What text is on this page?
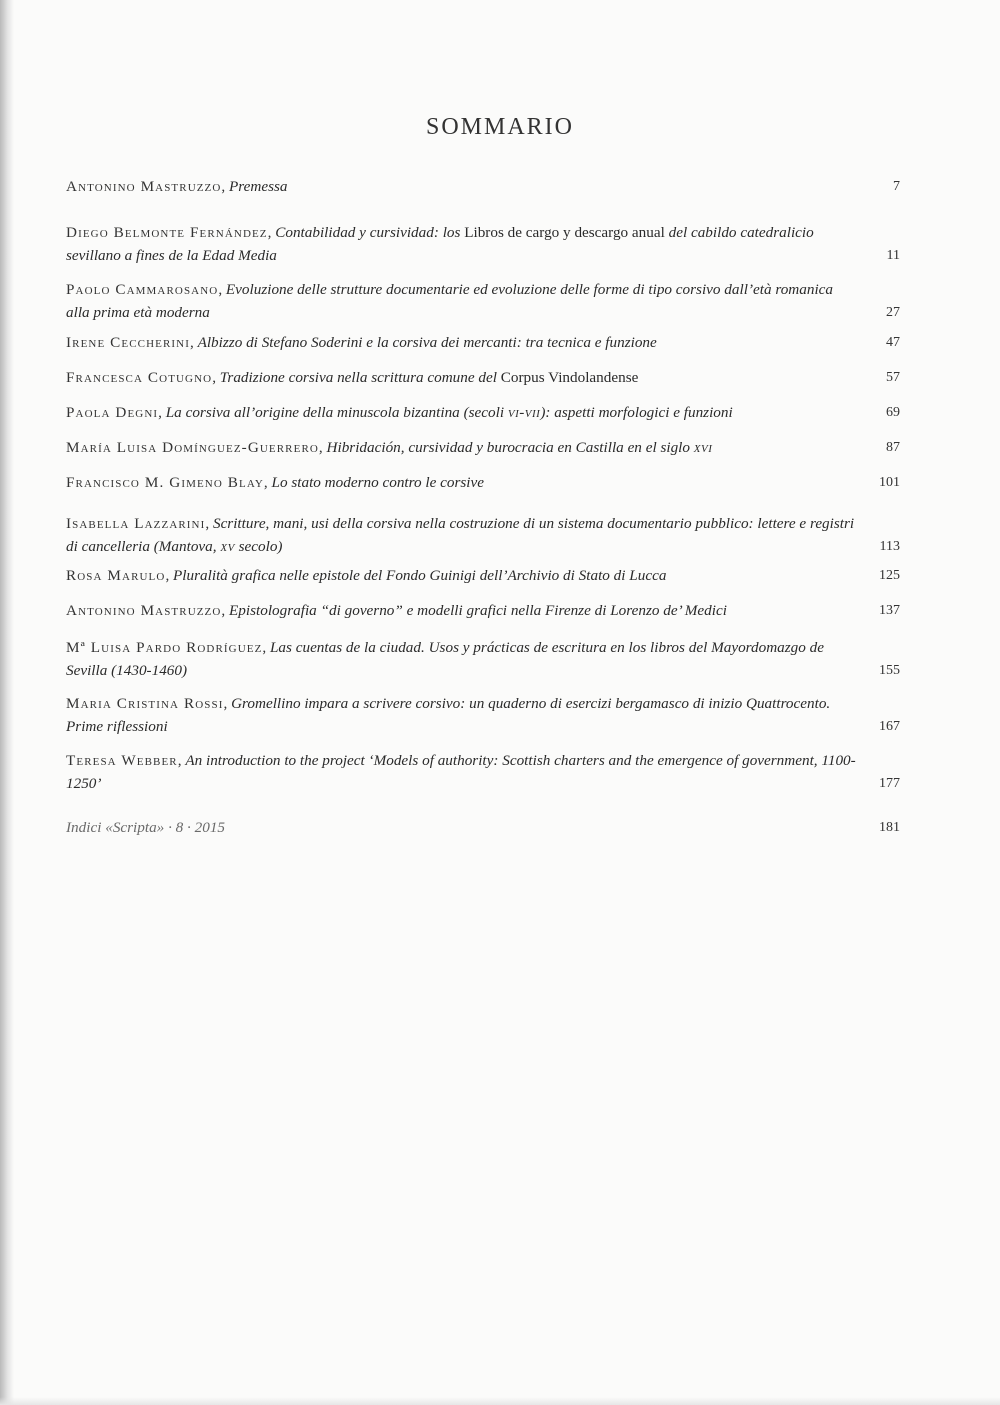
SOMMARIO
Antonino Mastruzzo, Premessa	7
Diego Belmonte Fernández, Contabilidad y cursividad: los Libros de cargo y descargo anual del cabildo catedralicio sevillano a fines de la Edad Media	11
Paolo Cammarosano, Evoluzione delle strutture documentarie ed evoluzione delle forme di tipo corsivo dall’età romanica alla prima età moderna	27
Irene Ceccherini, Albizzo di Stefano Soderini e la corsiva dei mercanti: tra tecnica e funzione	47
Francesca Cotugno, Tradizione corsiva nella scrittura comune del Corpus Vindolandense	57
Paola Degni, La corsiva all’origine della minuscola bizantina (secoli vi-vii): aspetti morfologici e funzioni	69
María Luisa Domínguez-Guerrero, Hibridación, cursividad y burocracia en Castilla en el siglo xvi	87
Francisco M. Gimeno Blay, Lo stato moderno contro le corsive	101
Isabella Lazzarini, Scritture, mani, usi della corsiva nella costruzione di un sistema documentario pubblico: lettere e registri di cancelleria (Mantova, xv secolo)	113
Rosa Marulo, Pluralità grafica nelle epistole del Fondo Guinigi dell’Archivio di Stato di Lucca	125
Antonino Mastruzzo, Epistolografia “di governo” e modelli grafici nella Firenze di Lorenzo de’ Medici	137
Mª Luisa Pardo Rodríguez, Las cuentas de la ciudad. Usos y prácticas de escritura en los libros del Mayordomazgo de Sevilla (1430-1460)	155
Maria Cristina Rossi, Gromellino impara a scrivere corsivo: un quaderno di esercizi bergamasco di inizio Quattrocento. Prime riflessioni	167
Teresa Webber, An introduction to the project ‘Models of authority: Scottish charters and the emergence of government, 1100-1250’	177
Indici «Scripta» · 8 · 2015	181
